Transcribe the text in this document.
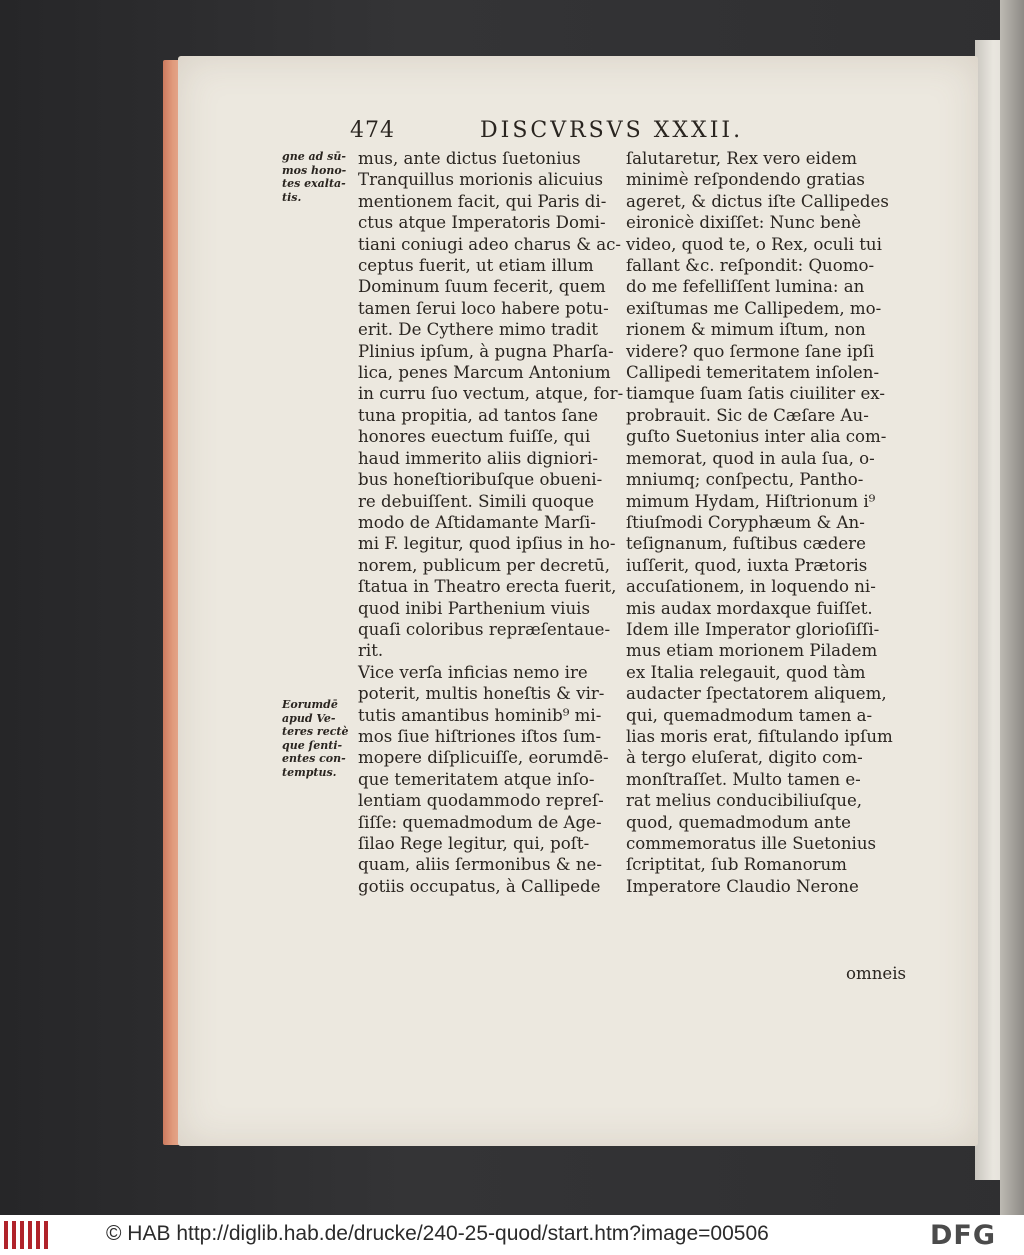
474	DISCVRSVS XXXII.
gne ad sū-
mos hono-
tes exalta-
tis.
Eorumdē
apud Ve-
teres rectè
que ſenti-
entes con-
temptus.
mus, ante dictus ſuetonius
Tranquillus morionis alicuius
mentionem facit, qui Paris di-
ctus atque Imperatoris Domi-
tiani coniugi adeo charus & ac-
ceptus fuerit, ut etiam illum
Dominum ſuum fecerit, quem
tamen ſerui loco habere potu-
erit. De Cythere mimo tradit
Plinius ipſum, à pugna Pharſa-
lica, penes Marcum Antonium
in curru ſuo vectum, atque, for-
tuna propitia, ad tantos ſane
honores euectum fuiſſe, qui
haud immerito aliis digniori-
bus honeſtioribuſque obueni-
re debuiſſent. Simili quoque
modo de Aſtidamante Marſi-
mi F. legitur, quod ipſius in ho-
norem, publicum per decretū,
ſtatua in Theatro erecta fuerit,
quod inibi Parthenium viuis
quaſi coloribus repræſentaue-
rit.
Vice verſa inficias nemo ire
poterit, multis honeſtis & vir-
tutis amantibus hominib⁹ mi-
mos ſiue hiſtriones iſtos ſum-
mopere diſplicuiſſe, eorumdē-
que temeritatem atque inſo-
lentiam quodammodo repreſ-
ſiſſe: quemadmodum de Age-
ſilao Rege legitur, qui, poſt-
quam, aliis ſermonibus & ne-
gotiis occupatus, à Callipede
ſalutaretur, Rex vero eidem
minimè reſpondendo gratias
ageret, & dictus iſte Callipedes
eironicè dixiſſet: Nunc benè
video, quod te, o Rex, oculi tui
fallant &c. reſpondit: Quomo-
do me fefelliſſent lumina: an
exiſtumas me Callipedem, mo-
rionem & mimum iſtum, non
videre? quo ſermone ſane ipſi
Callipedi temeritatem inſolen-
tiamque ſuam ſatis ciuiliter ex-
probrauit. Sic de Cæſare Au-
guſto Suetonius inter alia com-
memorat, quod in aula ſua, o-
mniumq; conſpectu, Pantho-
mimum Hydam, Hiſtrionum i⁹
ſtiuſmodi Coryphæum & An-
teſignanum, fuſtibus cædere
iuſſerit, quod, iuxta Prætoris
accuſationem, in loquendo ni-
mis audax mordaxque fuiſſet.
Idem ille Imperator glorioſiſſi-
mus etiam morionem Piladem
ex Italia relegauit, quod tàm
audacter ſpectatorem aliquem,
qui, quemadmodum tamen a-
lias moris erat, fiſtulando ipſum
à tergo eluſerat, digito com-
monſtraſſet. Multo tamen e-
rat melius conducibiliuſque,
quod, quemadmodum ante
commemoratus ille Suetonius
ſcriptitat, ſub Romanorum
Imperatore Claudio Nerone
omneis
© HAB http://diglib.hab.de/drucke/240-25-quod/start.htm?image=00506	DFG
